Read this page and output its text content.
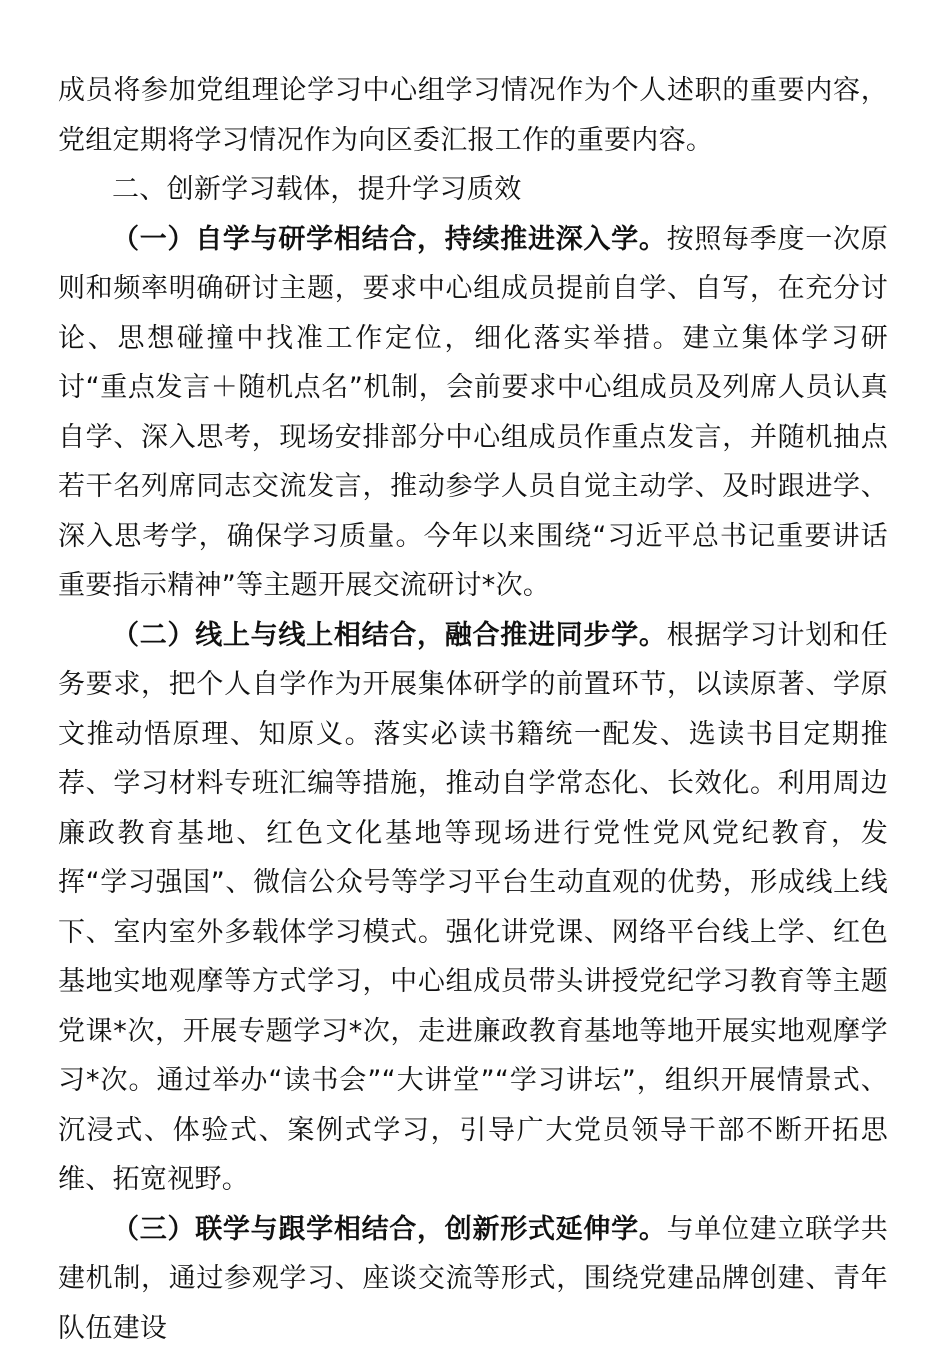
成员将参加党组理论学习中心组学习情况作为个人述职的重要内容，党组定期将学习情况作为向区委汇报工作的重要内容。

二、创新学习载体，提升学习质效

（一）自学与研学相结合，持续推进深入学。按照每季度一次原则和频率明确研讨主题，要求中心组成员提前自学、自写，在充分讨论、思想碰撞中找准工作定位，细化落实举措。建立集体学习研讨“重点发言＋随机点名”机制，会前要求中心组成员及列席人员认真自学、深入思考，现场安排部分中心组成员作重点发言，并随机抽点若干名列席同志交流发言，推动参学人员自觉主动学、及时跟进学、深入思考学，确保学习质量。今年以来围绕“习近平总书记重要讲话重要指示精神”等主题开展交流研讨*次。

（二）线上与线上相结合，融合推进同步学。根据学习计划和任务要求，把个人自学作为开展集体研学的前置环节，以读原著、学原文推动悟原理、知原义。落实必读书籍统一配发、选读书目定期推荐、学习材料专班汇编等措施，推动自学常态化、长效化。利用周边廉政教育基地、红色文化基地等现场进行党性党风党纪教育，发挥“学习强国”、微信公众号等学习平台生动直观的优势，形成线上线下、室内室外多载体学习模式。强化讲党课、网络平台线上学、红色基地实地观摩等方式学习，中心组成员带头讲授党纪学习教育等主题党课*次，开展专题学习*次，走进廉政教育基地等地开展实地观摩学习*次。通过举办“读书会”“大讲堂”“学习讲坛”，组织开展情景式、沉浸式、体验式、案例式学习，引导广大党员领导干部不断开拓思维、拓宽视野。

（三）联学与跟学相结合，创新形式延伸学。与单位建立联学共建机制，通过参观学习、座谈交流等形式，围绕党建品牌创建、青年队伍建设
